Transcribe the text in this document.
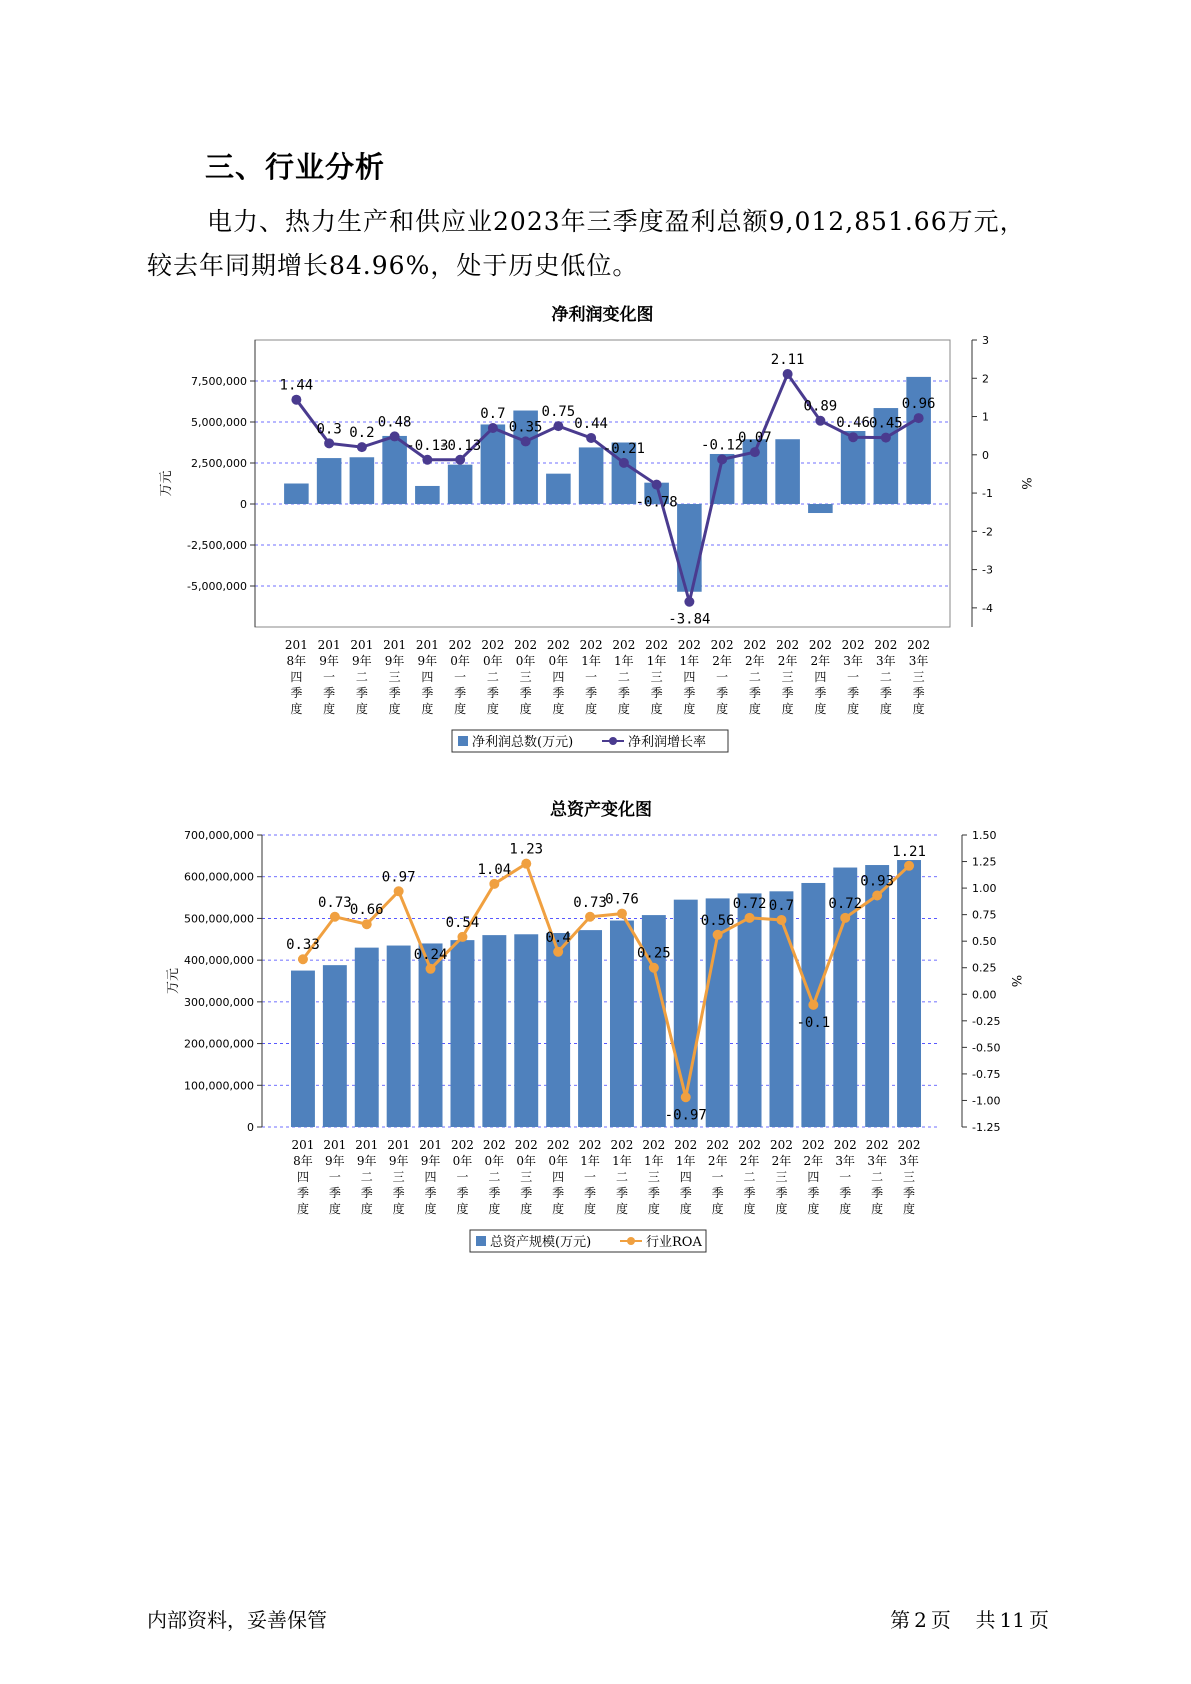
三、行业分析
电力、热力生产和供应业2023年三季度盈利总额9,012,851.66万元，较去年同期增长84.96%，处于历史低位。
净利润变化图
-5,000,000
-2,500,000
0
2,500,000
5,000,000
7,500,000
-4
-3
-2
-1
0
1
2
3
万元	%
1.44
0.3 0.2
0.48
-0.13
-0.13
0.7
0.35
0.75
0.44
-0.21
-0.78
-3.84
-0.12
0.07
2.11
0.89
0.46 0.45
0.96
201
8年
四
季
度
201
9年
一
季
度
201
9年
二
季
度
201
9年
三
季
度
201
9年
四
季
度
202
0年
一
季
度
202
0年
二
季
度
202
0年
三
季
度
202
0年
四
季
度
202
1年
一
季
度
202
1年
二
季
度
202
1年
三
季
度
202
1年
四
季
度
202
2年
一
季
度
202
2年
二
季
度
202
2年
三
季
度
202
2年
四
季
度
202
3年
一
季
度
202
3年
二
季
度
202
3年
三
季
度
净利润总数(万元)	净利润增长率
总资产变化图
0
100,000,000
200,000,000
300,000,000
400,000,000
500,000,000
600,000,000
700,000,000
-1.25
-1.00
-0.75
-0.50
-0.25
0.00
0.25
0.50
0.75
1.00
1.25
1.50
万元	%
0.33
0.73
0.66
0.97
0.24
0.54
1.04
1.23
0.4
0.73
0.76
0.25
-0.97
0.56
0.72 0.7
-0.1
0.72
0.93
1.21
201
8年
四
季
度
201
9年
一
季
度
201
9年
二
季
度
201
9年
三
季
度
201
9年
四
季
度
202
0年
一
季
度
202
0年
二
季
度
202
0年
三
季
度
202
0年
四
季
度
202
1年
一
季
度
202
1年
二
季
度
202
1年
三
季
度
202
1年
四
季
度
202
2年
一
季
度
202
2年
二
季
度
202
2年
三
季
度
202
2年
四
季
度
202
3年
一
季
度
202
3年
二
季
度
202
3年
三
季
度
总资产规模(万元)	行业ROA
内部资料，妥善保管	第 2 页 共 11 页
